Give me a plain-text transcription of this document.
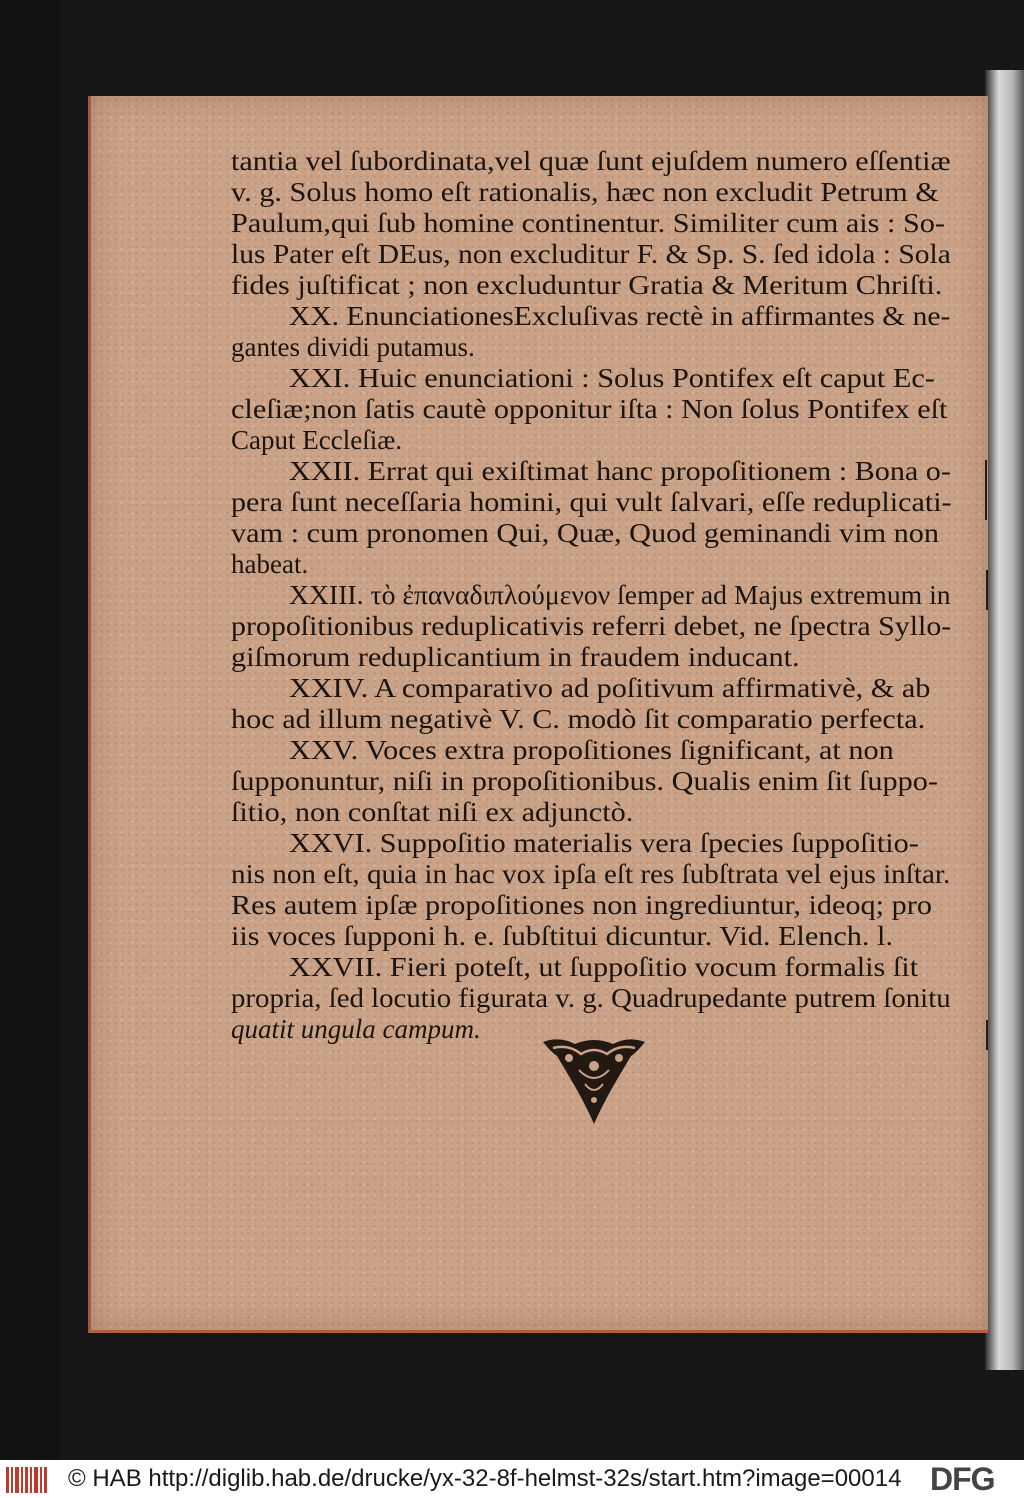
tantia vel ſubordinata,vel quæ ſunt ejuſdem numero eſſentiæ
v. g. Solus homo eſt rationalis, hæc non excludit Petrum &
Paulum,qui ſub homine continentur. Similiter cum ais : So-
lus Pater eſt DEus, non excluditur F. & Sp. S. ſed idola : Sola
fides juſtificat ; non excluduntur Gratia & Meritum Chriſti.
XX. EnunciationesExcluſivas rectè in affirmantes & ne-
gantes dividi putamus.
XXI. Huic enunciationi : Solus Pontifex eſt caput Ec-
cleſiæ;non ſatis cautè opponitur iſta : Non ſolus Pontifex eſt
Caput Eccleſiæ.
XXII. Errat qui exiſtimat hanc propoſitionem : Bona o-
pera ſunt neceſſaria homini, qui vult ſalvari, eſſe reduplicati-
vam : cum pronomen Qui, Quæ, Quod geminandi vim non
habeat.
XXIII. τὸ ἐπαναδιπλούμενον ſemper ad Majus extremum in
propoſitionibus reduplicativis referri debet, ne ſpectra Syllo-
giſmorum reduplicantium in fraudem inducant.
XXIV. A comparativo ad poſitivum affirmativè, & ab
hoc ad illum negativè V. C. modò ſit comparatio perfecta.
XXV. Voces extra propoſitiones ſignificant, at non
ſupponuntur, niſi in propoſitionibus. Qualis enim ſit ſuppo-
ſitio, non conſtat niſi ex adjunctò.
XXVI. Suppoſitio materialis vera ſpecies ſuppoſitio-
nis non eſt, quia in hac vox ipſa eſt res ſubſtrata vel ejus inſtar.
Res autem ipſæ propoſitiones non ingrediuntur, ideoq; pro
iis voces ſupponi h. e. ſubſtitui dicuntur. Vid. Elench. l.
XXVII. Fieri poteſt, ut ſuppoſitio vocum formalis ſit
propria, ſed locutio figurata v. g. Quadrupedante putrem ſonitu
quatit ungula campum.
© HAB http://diglib.hab.de/drucke/yx-32-8f-helmst-32s/start.htm?image=00014 DFG
